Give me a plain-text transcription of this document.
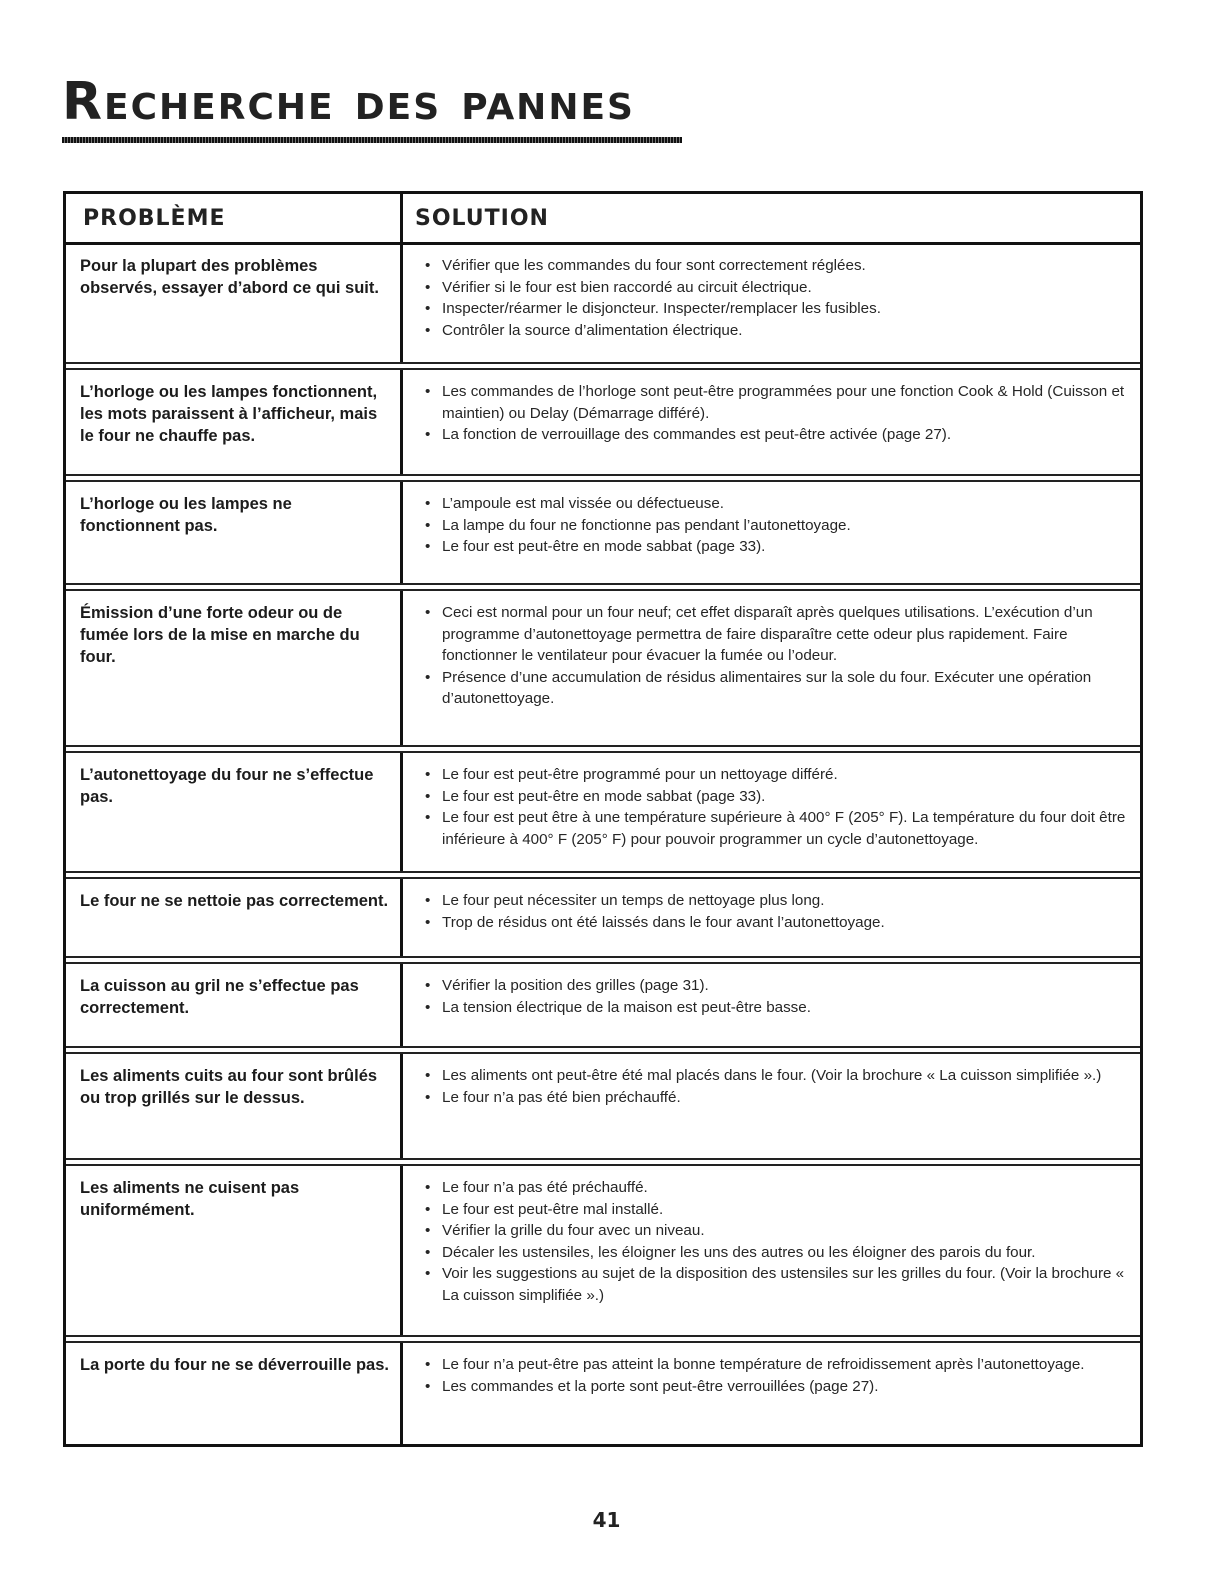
Recherche des pannes
PROBLÈME	SOLUTION
Pour la plupart des problèmes observés, essayer d’abord ce qui suit.
• Vérifier que les commandes du four sont correctement réglées.
• Vérifier si le four est bien raccordé au circuit électrique.
• Inspecter/réarmer le disjoncteur. Inspecter/remplacer les fusibles.
• Contrôler la source d’alimentation électrique.
L’horloge ou les lampes fonctionnent, les mots paraissent à l’afficheur, mais le four ne chauffe pas.
• Les commandes de l’horloge sont peut-être programmées pour une fonction Cook & Hold (Cuisson et maintien) ou Delay (Démarrage différé).
• La fonction de verrouillage des commandes est peut-être activée (page 27).
L’horloge ou les lampes ne fonctionnent pas.
• L’ampoule est mal vissée ou défectueuse.
• La lampe du four ne fonctionne pas pendant l’autonettoyage.
• Le four est peut-être en mode sabbat (page 33).
Émission d’une forte odeur ou de fumée lors de la mise en marche du four.
• Ceci est normal pour un four neuf; cet effet disparaît après quelques utilisations. L’exécution d’un programme d’autonettoyage permettra de faire disparaître cette odeur plus rapidement. Faire fonctionner le ventilateur pour évacuer la fumée ou l’odeur.
• Présence d’une accumulation de résidus alimentaires sur la sole du four. Exécuter une opération d’autonettoyage.
L’autonettoyage du four ne s’effectue pas.
• Le four est peut-être programmé pour un nettoyage différé.
• Le four est peut-être en mode sabbat (page 33).
• Le four est peut être à une température supérieure à 400° F (205° F). La température du four doit être inférieure à 400° F (205° F) pour pouvoir programmer un cycle d’autonettoyage.
Le four ne se nettoie pas correctement. • Le four peut nécessiter un temps de nettoyage plus long.
• Trop de résidus ont été laissés dans le four avant l’autonettoyage.
La cuisson au gril ne s’effectue pas correctement.
• Vérifier la position des grilles (page 31).
• La tension électrique de la maison est peut-être basse.
Les aliments cuits au four sont brûlés ou trop grillés sur le dessus.
• Les aliments ont peut-être été mal placés dans le four. (Voir la brochure « La cuisson simplifiée ».)
• Le four n’a pas été bien préchauffé.
Les aliments ne cuisent pas uniformément.
• Le four n’a pas été préchauffé.
• Le four est peut-être mal installé.
• Vérifier la grille du four avec un niveau.
• Décaler les ustensiles, les éloigner les uns des autres ou les éloigner des parois du four.
• Voir les suggestions au sujet de la disposition des ustensiles sur les grilles du four. (Voir la brochure « La cuisson simplifiée ».)
La porte du four ne se déverrouille pas. • Le four n’a peut-être pas atteint la bonne température de refroidissement après l’autonettoyage.
• Les commandes et la porte sont peut-être verrouillées (page 27).
41
